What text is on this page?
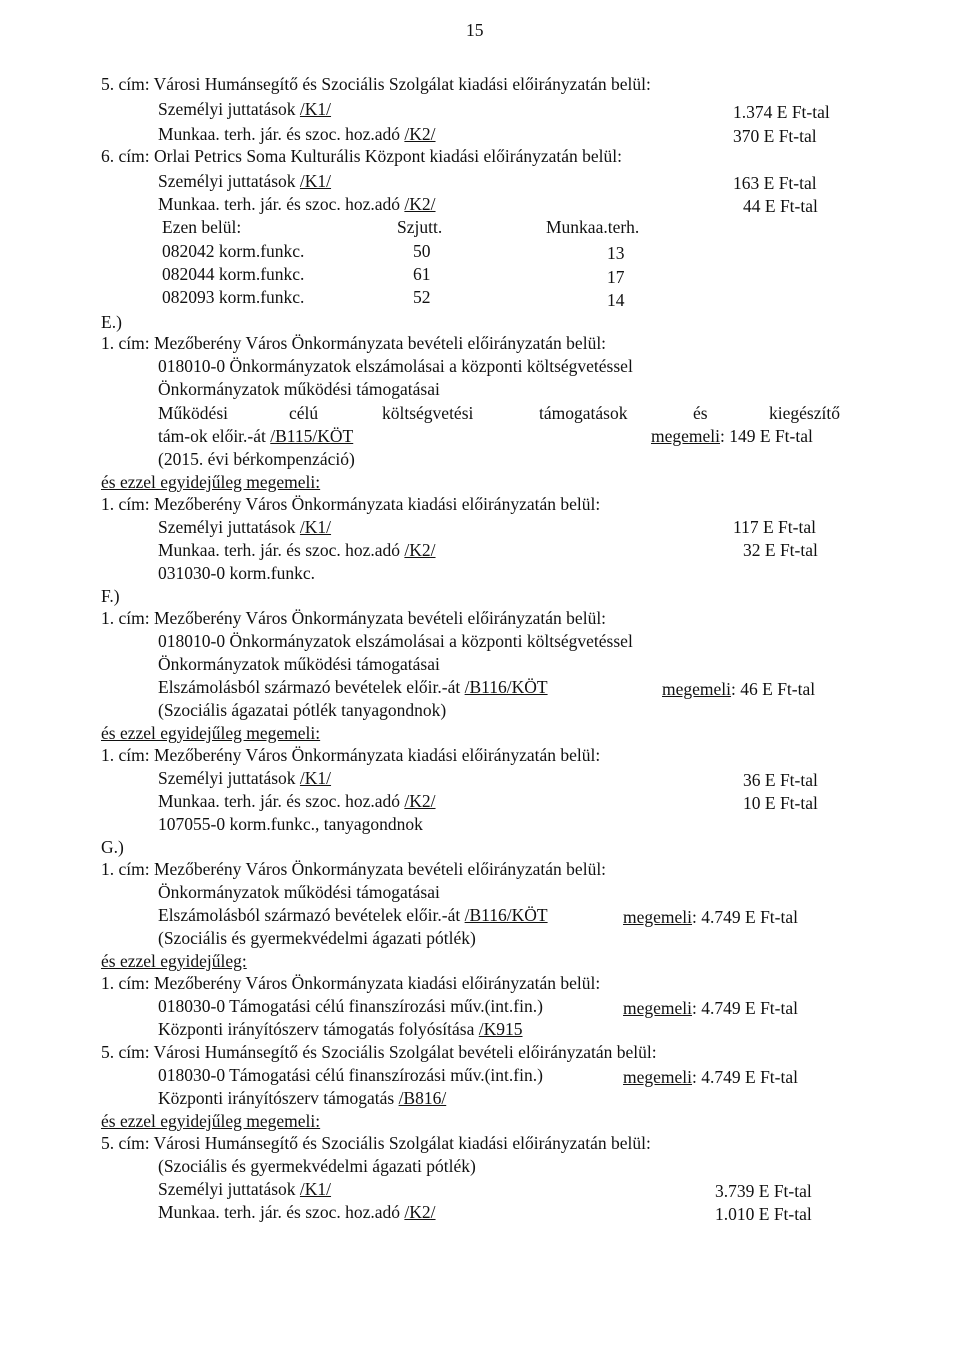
15
5. cím: Városi Humánsegítő és Szociális Szolgálat kiadási előirányzatán belül:
Személyi juttatások /K1/	1.374 E Ft-tal
Munkaa. terh. jár. és szoc. hoz.adó /K2/	370 E Ft-tal
6. cím: Orlai Petrics Soma Kulturális Központ kiadási előirányzatán belül:
Személyi juttatások /K1/	163 E Ft-tal
Munkaa. terh. jár. és szoc. hoz.adó /K2/	44 E Ft-tal
Ezen belül:	Szjutt.	Munkaa.terh.
082042 korm.funkc.	50	13
082044 korm.funkc.	61	17
082093 korm.funkc.	52	14
E.)
1. cím: Mezőberény Város Önkormányzata bevételi előirányzatán belül:
018010-0 Önkormányzatok elszámolásai a központi költségvetéssel
Önkormányzatok működési támogatásai
Működési	célú	költségvetési	támogatások	és	kiegészítő
tám-ok előir.-át /B115/KÖT	megemeli: 149 E Ft-tal
(2015. évi bérkompenzáció)
és ezzel egyidejűleg megemeli:
1. cím: Mezőberény Város Önkormányzata kiadási előirányzatán belül:
Személyi juttatások /K1/	117 E Ft-tal
Munkaa. terh. jár. és szoc. hoz.adó /K2/	32 E Ft-tal
031030-0 korm.funkc.
F.)
1. cím: Mezőberény Város Önkormányzata bevételi előirányzatán belül:
018010-0 Önkormányzatok elszámolásai a központi költségvetéssel
Önkormányzatok működési támogatásai
Elszámolásból származó bevételek előir.-át /B116/KÖT	megemeli: 46 E Ft-tal
(Szociális ágazatai pótlék tanyagondnok)
és ezzel egyidejűleg megemeli:
1. cím: Mezőberény Város Önkormányzata kiadási előirányzatán belül:
Személyi juttatások /K1/	36 E Ft-tal
Munkaa. terh. jár. és szoc. hoz.adó /K2/	10 E Ft-tal
107055-0 korm.funkc., tanyagondnok
G.)
1. cím: Mezőberény Város Önkormányzata bevételi előirányzatán belül:
Önkormányzatok működési támogatásai
Elszámolásból származó bevételek előir.-át /B116/KÖT	megemeli: 4.749 E Ft-tal
(Szociális és gyermekvédelmi ágazati pótlék)
és ezzel egyidejűleg:
1. cím: Mezőberény Város Önkormányzata kiadási előirányzatán belül:
018030-0 Támogatási célú finanszírozási műv.(int.fin.)	megemeli: 4.749 E Ft-tal
Központi irányítószerv támogatás folyósítása /K915
5. cím: Városi Humánsegítő és Szociális Szolgálat bevételi előirányzatán belül:
018030-0 Támogatási célú finanszírozási műv.(int.fin.)	megemeli: 4.749 E Ft-tal
Központi irányítószerv támogatás /B816/
és ezzel egyidejűleg megemeli:
5. cím: Városi Humánsegítő és Szociális Szolgálat kiadási előirányzatán belül:
(Szociális és gyermekvédelmi ágazati pótlék)
Személyi juttatások /K1/	3.739 E Ft-tal
Munkaa. terh. jár. és szoc. hoz.adó /K2/	1.010 E Ft-tal
